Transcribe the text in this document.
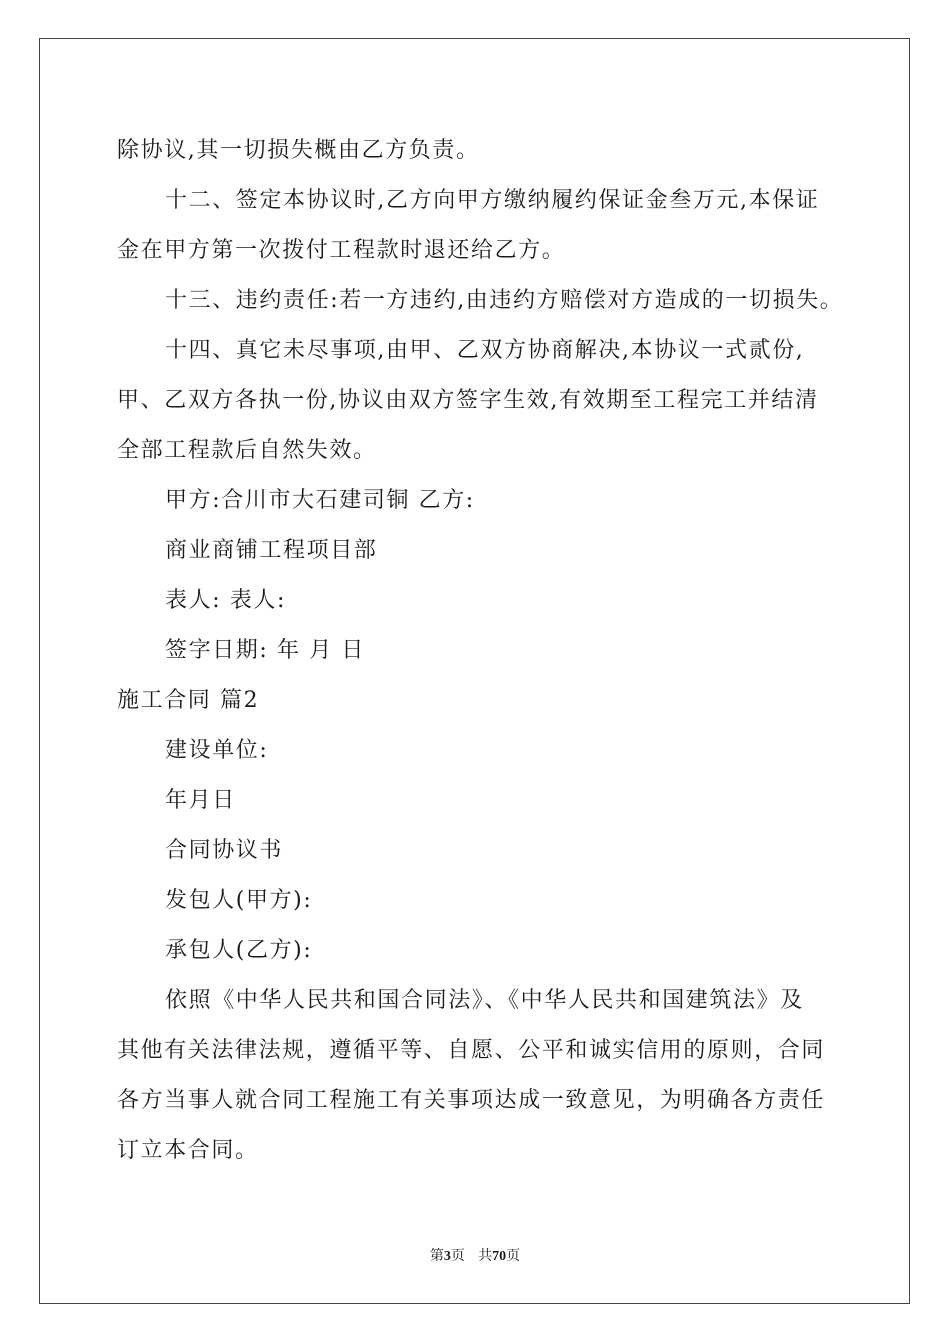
除协议,其一切损失概由乙方负责。
十二、签定本协议时,乙方向甲方缴纳履约保证金叁万元,本保证
金在甲方第一次拨付工程款时退还给乙方。
十三、违约责任:若一方违约,由违约方赔偿对方造成的一切损失。
十四、真它未尽事项,由甲、乙双方协商解决,本协议一式贰份,
甲、乙双方各执一份,协议由双方签字生效,有效期至工程完工并结清
全部工程款后自然失效。
甲方:合川市大石建司铜 乙方:
商业商铺工程项目部
表人: 表人:
签字日期: 年 月 日
施工合同 篇2
建设单位:
年月日
合同协议书
发包人(甲方):
承包人(乙方):
依照《中华人民共和国合同法》、《中华人民共和国建筑法》及
其他有关法律法规，遵循平等、自愿、公平和诚实信用的原则，合同
各方当事人就合同工程施工有关事项达成一致意见，为明确各方责任
订立本合同。
第3页   共70页
